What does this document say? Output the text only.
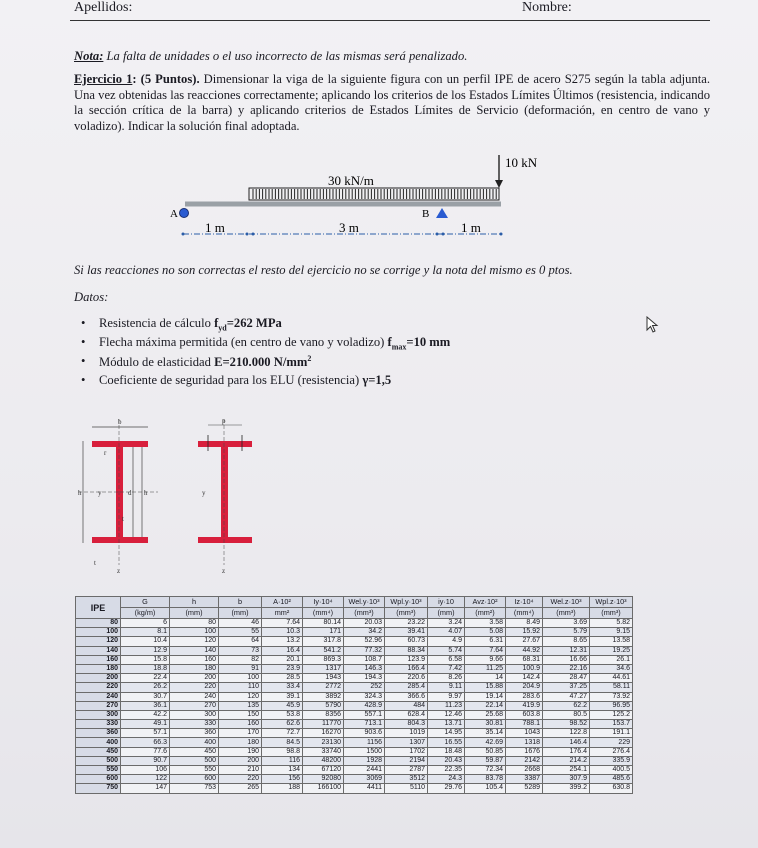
Apellidos:	Nombre:
Nota: La falta de unidades o el uso incorrecto de las mismas será penalizado.
Ejercicio 1: (5 Puntos). Dimensionar la viga de la siguiente figura con un perfil IPE de acero S275 según la tabla adjunta. Una vez obtenidas las reacciones correctamente; aplicando los criterios de los Estados Límites Últimos (resistencia, indicando la sección crítica de la barra) y aplicando criterios de Estados Límites de Servicio (deformación, en centro de vano y voladizo). Indicar la solución final adoptada.
30 kN/m
10 kN
A	B
1 m	3 m	1 m
Si las reacciones no son correctas el resto del ejercicio no se corrige y la nota del mismo es 0 ptos.
Datos:
• Resistencia de cálculo $f_{yd}=262$ MPa
• Flecha máxima permitida (en centro de vano y voladizo) $f_{max}=10$ mm
• Módulo de elasticidad E=210.000 $N/mm^2$
• Coeficiente de seguridad para los ELU (resistencia) γ=1,5
b
h	d h
y
z
t
t
r
p
y
z
IPE	G	h	b	A·10²	Iy·10⁴	Wel.y·10³	Wpl.y·10³	iy·10	Avz·10²	Iz·10⁴	Wel.z·10³	Wpl.z·10³
	(kg/m)	(mm)	(mm)	mm²	(mm⁴)	(mm³)	(mm³)	(mm)	(mm²)	(mm⁴)	(mm³)	(mm³)
80	6	80	46	7.64	80.14	20.03	23.22	3.24	3.58	8.49	3.69	5.82
100	8.1	100	55	10.3	171	34.2	39.41	4.07	5.08	15.92	5.79	9.15
120	10.4	120	64	13.2	317.8	52.96	60.73	4.9	6.31	27.67	8.65	13.58
140	12.9	140	73	16.4	541.2	77.32	88.34	5.74	7.64	44.92	12.31	19.25
160	15.8	160	82	20.1	869.3	108.7	123.9	6.58	9.66	68.31	16.66	26.1
180	18.8	180	91	23.9	1317	146.3	166.4	7.42	11.25	100.9	22.16	34.6
200	22.4	200	100	28.5	1943	194.3	220.6	8.26	14	142.4	28.47	44.61
220	26.2	220	110	33.4	2772	252	285.4	9.11	15.88	204.9	37.25	58.11
240	30.7	240	120	39.1	3892	324.3	366.6	9.97	19.14	283.6	47.27	73.92
270	36.1	270	135	45.9	5790	428.9	484	11.23	22.14	419.9	62.2	96.95
300	42.2	300	150	53.8	8356	557.1	628.4	12.46	25.68	603.8	80.5	125.2
330	49.1	330	160	62.6	11770	713.1	804.3	13.71	30.81	788.1	98.52	153.7
360	57.1	360	170	72.7	16270	903.6	1019	14.95	35.14	1043	122.8	191.1
400	66.3	400	180	84.5	23130	1156	1307	16.55	42.69	1318	146.4	229
450	77.6	450	190	98.8	33740	1500	1702	18.48	50.85	1676	176.4	276.4
500	90.7	500	200	116	48200	1928	2194	20.43	59.87	2142	214.2	335.9
550	106	550	210	134	67120	2441	2787	22.35	72.34	2668	254.1	400.5
600	122	600	220	156	92080	3069	3512	24.3	83.78	3387	307.9	485.6
750	147	753	265	188	166100	4411	5110	29.76	105.4	5289	399.2	630.8
